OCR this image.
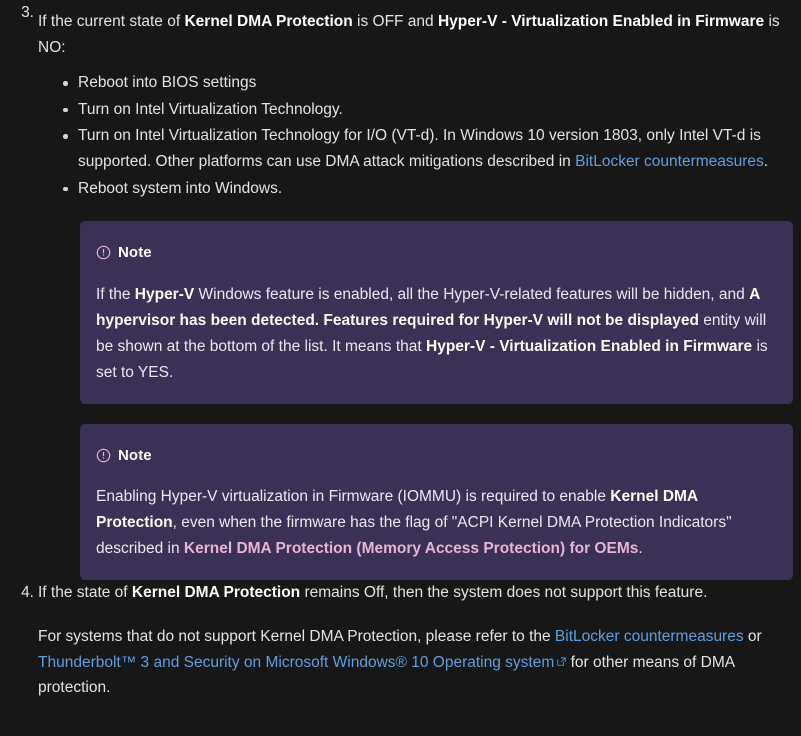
3.
If the current state of Kernel DMA Protection is OFF and Hyper-V - Virtualization Enabled in Firmware is NO:
Reboot into BIOS settings
Turn on Intel Virtualization Technology.
Turn on Intel Virtualization Technology for I/O (VT-d). In Windows 10 version 1803, only Intel VT-d is supported. Other platforms can use DMA attack mitigations described in BitLocker countermeasures.
Reboot system into Windows.
Note
If the Hyper-V Windows feature is enabled, all the Hyper-V-related features will be hidden, and A hypervisor has been detected. Features required for Hyper-V will not be displayed entity will be shown at the bottom of the list. It means that Hyper-V - Virtualization Enabled in Firmware is set to YES.
Note
Enabling Hyper-V virtualization in Firmware (IOMMU) is required to enable Kernel DMA Protection, even when the firmware has the flag of "ACPI Kernel DMA Protection Indicators" described in Kernel DMA Protection (Memory Access Protection) for OEMs.
4. If the state of Kernel DMA Protection remains Off, then the system does not support this feature.
For systems that do not support Kernel DMA Protection, please refer to the BitLocker countermeasures or Thunderbolt™ 3 and Security on Microsoft Windows® 10 Operating system
for other means of DMA protection.
